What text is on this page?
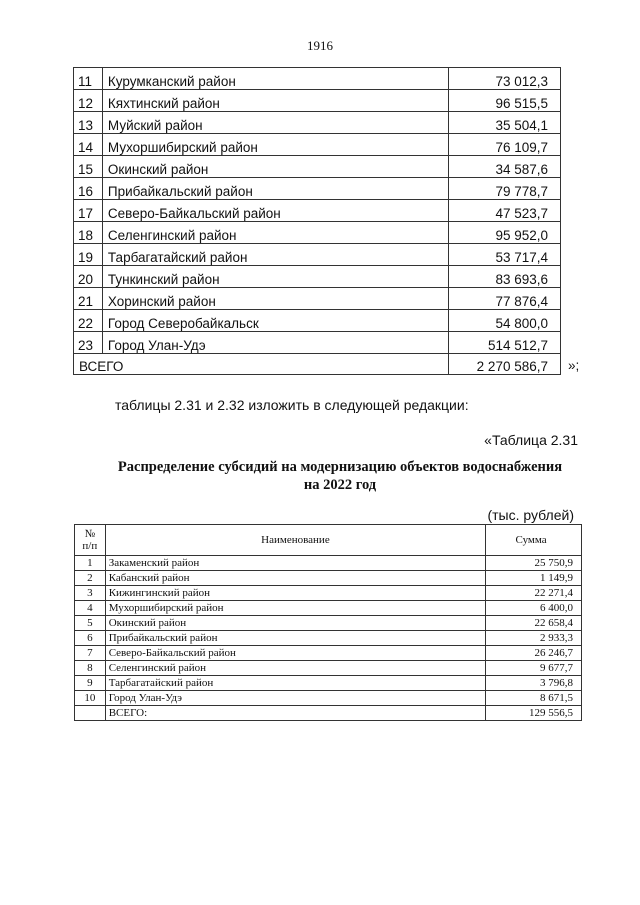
1916
11	Курумканский район	73 012,3
12	Кяхтинский район	96 515,5
13	Муйский район	35 504,1
14	Мухоршибирский район	76 109,7
15	Окинский район	34 587,6
16	Прибайкальский район	79 778,7
17	Северо-Байкальский район	47 523,7
18	Селенгинский район	95 952,0
19	Тарбагатайский район	53 717,4
20	Тункинский район	83 693,6
21	Хоринский район	77 876,4
22	Город Северобайкальск	54 800,0
23	Город Улан-Удэ	514 512,7
ВСЕГО		2 270 586,7 »;
таблицы 2.31 и 2.32 изложить в следующей редакции:
«Таблица 2.31
Распределение субсидий на модернизацию объектов водоснабжения
на 2022 год
(тыс. рублей)
№
п/п	Наименование	Сумма
1	Закаменский район	25 750,9
2	Кабанский район	1 149,9
3	Кижингинский район	22 271,4
4	Мухоршибирский район	6 400,0
5	Окинский район	22 658,4
6	Прибайкальский район	2 933,3
7	Северо-Байкальский район	26 246,7
8	Селенгинский район	9 677,7
9	Тарбагатайский район	3 796,8
10	Город Улан-Удэ	8 671,5
	ВСЕГО:	129 556,5
